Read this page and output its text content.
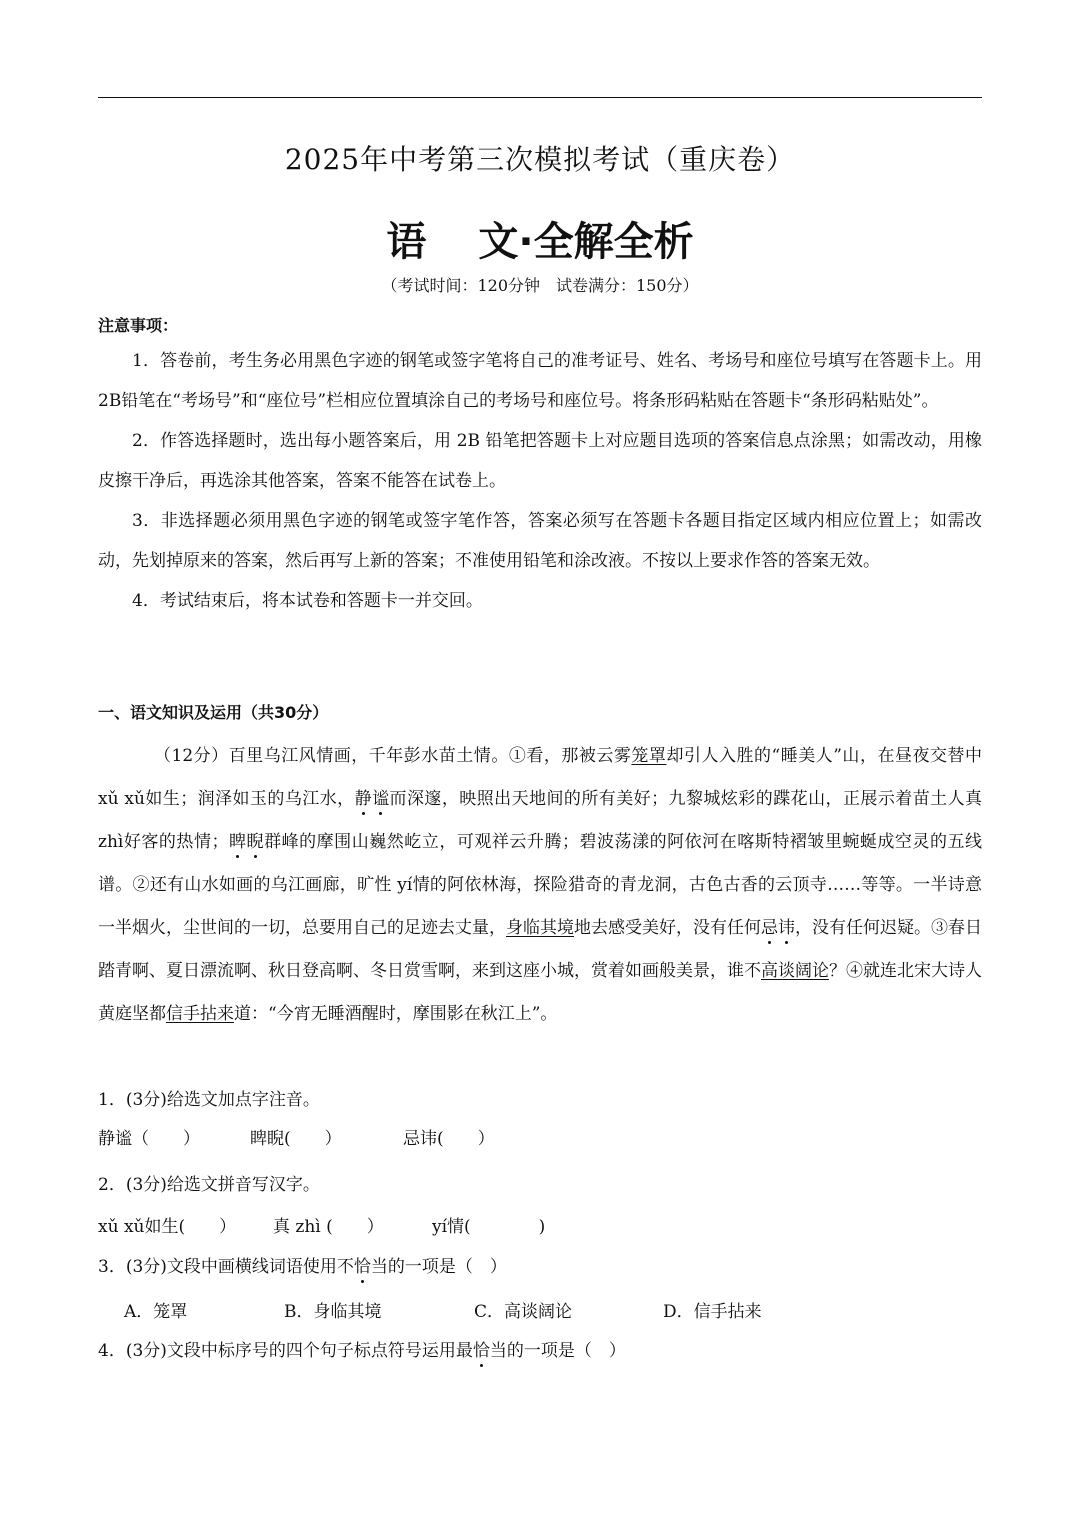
2025年中考第三次模拟考试（重庆卷）
语 文·全解全析
（考试时间：120分钟　试卷满分：150分）
注意事项：

1．答卷前，考生务必用黑色字迹的钢笔或签字笔将自己的准考证号、姓名、考场号和座位号填写在答题卡上。用2B铅笔在“考场号”和“座位号”栏相应位置填涂自己的考场号和座位号。将条形码粘贴在答题卡“条形码粘贴处”。

2．作答选择题时，选出每小题答案后，用 2B 铅笔把答题卡上对应题目选项的答案信息点涂黑；如需改动，用橡皮擦干净后，再选涂其他答案，答案不能答在试卷上。

3．非选择题必须用黑色字迹的钢笔或签字笔作答，答案必须写在答题卡各题目指定区域内相应位置上；如需改动，先划掉原来的答案，然后再写上新的答案；不准使用铅笔和涂改液。不按以上要求作答的答案无效。

4．考试结束后，将本试卷和答题卡一并交回。

一、语文知识及运用（共30分）

（12分）百里乌江风情画，千年彭水苗土情。①看，那被云雾笼罩却引人入胜的“睡美人”山，在昼夜交替中 xǔ xǔ如生；润泽如玉的乌江水，静谧而深邃，映照出天地间的所有美好；九黎城炫彩的蹀花山，正展示着苗土人真 zhì好客的热情；睥睨群峰的摩围山巍然屹立，可观祥云升腾；碧波荡漾的阿依河在喀斯特褶皱里蜿蜒成空灵的五线谱。②还有山水如画的乌江画廊，旷性 yí情的阿依林海，探险猎奇的青龙洞，古色古香的云顶寺……等等。一半诗意一半烟火，尘世间的一切，总要用自己的足迹去丈量，身临其境地去感受美好，没有任何忌讳，没有任何迟疑。③春日踏青啊、夏日漂流啊、秋日登高啊、冬日赏雪啊，来到这座小城，赏着如画般美景，谁不高谈阔论？④就连北宋大诗人黄庭坚都信手拈来道：“今宵无睡酒醒时，摩围影在秋江上”。

1．(3分)给选文加点字注音。
静谧（　　）	睥睨(　　）	忌讳(　　）
2．(3分)给选文拼音写汉字。
xǔ xǔ如生(　　） 真 zhì (　　）	yí情(　　　　)
3．(3分)文段中画横线词语使用不恰当的一项是（　）
A．笼罩	B．身临其境	C．高谈阔论	D．信手拈来
4．(3分)文段中标序号的四个句子标点符号运用最恰当的一项是（　）
